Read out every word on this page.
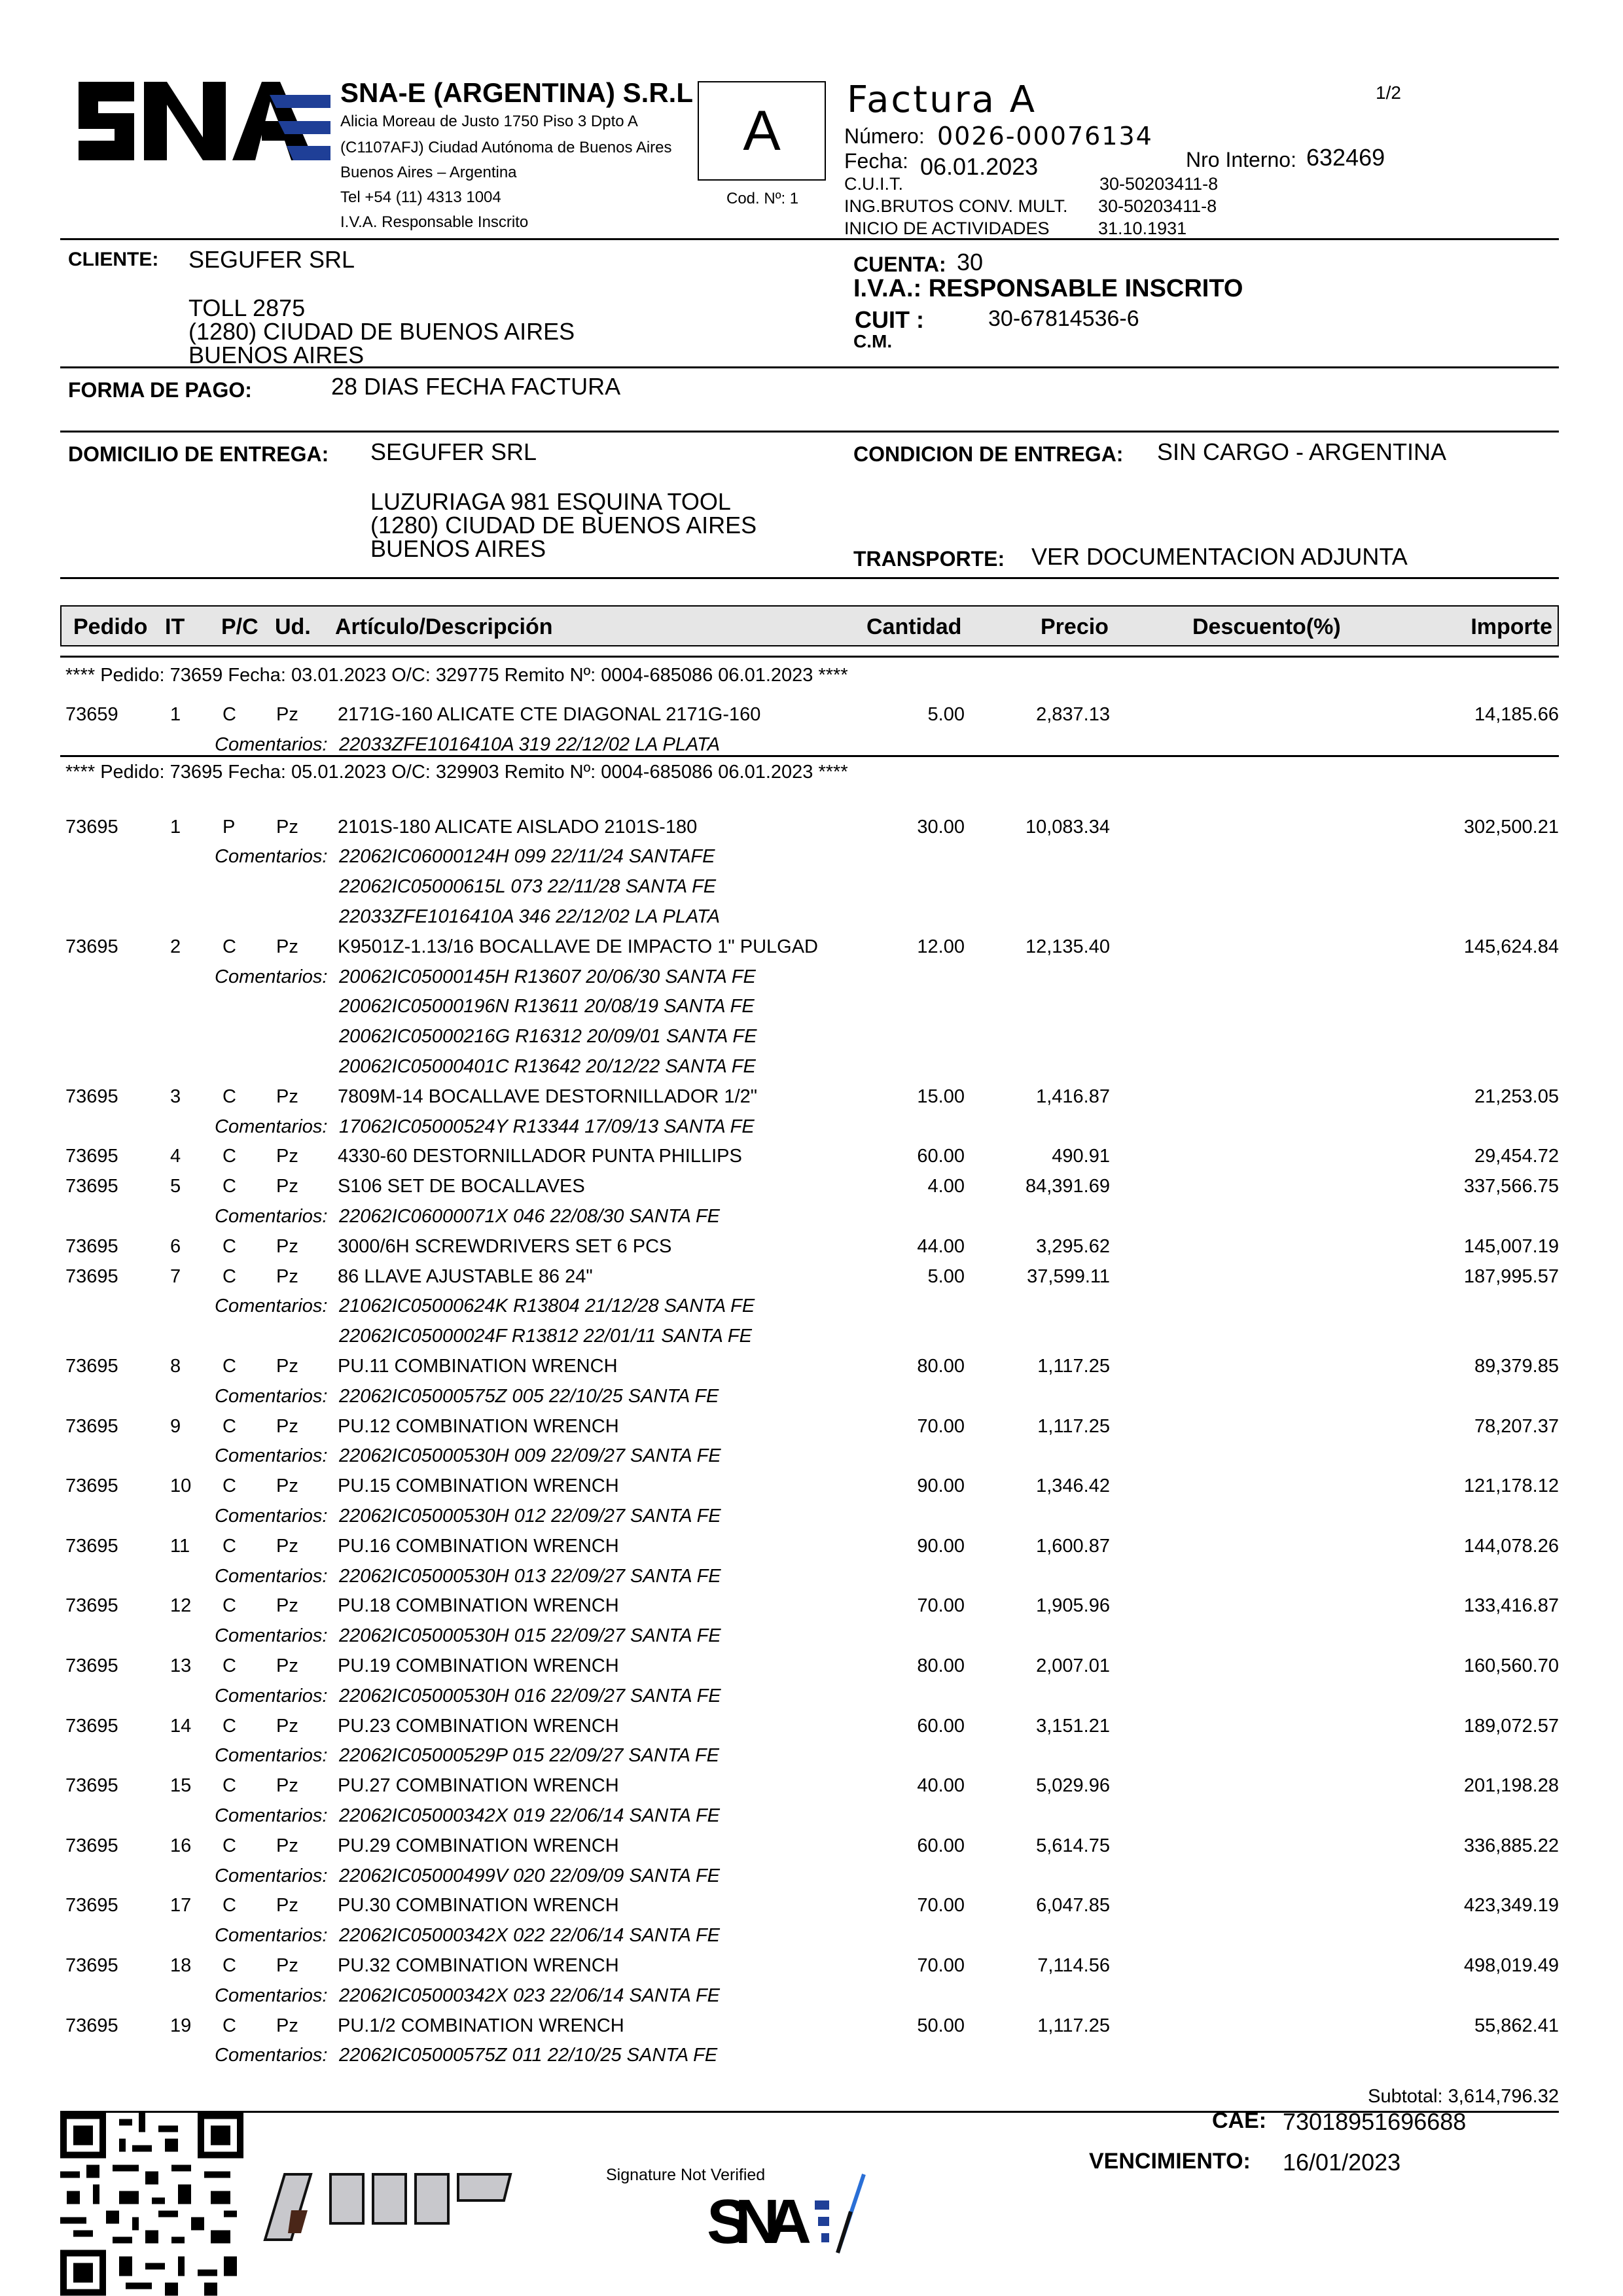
SNA-E (ARGENTINA) S.R.L
Alicia Moreau de Justo 1750 Piso 3 Dpto A
(C1107AFJ) Ciudad Autónoma de Buenos Aires
Buenos Aires – Argentina
Tel +54 (11) 4313 1004
I.V.A. Responsable Inscrito
A
Cod. Nº: 1
Factura A	1/2
Número: 0026-00076134
Fecha: 06.01.2023	Nro Interno: 632469
C.U.I.T.	30-50203411-8
ING.BRUTOS CONV. MULT. 30-50203411-8
INICIO DE ACTIVIDADES	31.10.1931
CLIENTE: SEGUFER SRL
TOLL 2875
(1280) CIUDAD DE BUENOS AIRES
BUENOS AIRES
CUENTA: 30
I.V.A.: RESPONSABLE INSCRITO
CUIT :	30-67814536-6
C.M.
FORMA DE PAGO:	28 DIAS FECHA FACTURA
DOMICILIO DE ENTREGA: SEGUFER SRL
LUZURIAGA 981 ESQUINA TOOL
(1280) CIUDAD DE BUENOS AIRES
BUENOS AIRES
CONDICION DE ENTREGA: SIN CARGO - ARGENTINA
TRANSPORTE: VER DOCUMENTACION ADJUNTA
Pedido IT P/C Ud. Artículo/Descripción	Cantidad	Precio	Descuento(%)	Importe
**** Pedido: 73659 Fecha: 03.01.2023 O/C: 329775 Remito Nº: 0004-685086 06.01.2023 ****
73659	1 C Pz 2171G-160 ALICATE CTE DIAGONAL 2171G-160	5.00	2,837.13	14,185.66
Comentarios: 22033ZFE1016410A 319 22/12/02 LA PLATA
**** Pedido: 73695 Fecha: 05.01.2023 O/C: 329903 Remito Nº: 0004-685086 06.01.2023 ****
73695	1 P Pz 2101S-180 ALICATE AISLADO 2101S-180	30.00	10,083.34	302,500.21
Comentarios: 22062IC06000124H 099 22/11/24 SANTAFE
22062IC05000615L 073 22/11/28 SANTA FE
22033ZFE1016410A 346 22/12/02 LA PLATA
73695	2 C Pz K9501Z-1.13/16 BOCALLAVE DE IMPACTO 1" PULGAD	12.00	12,135.40	145,624.84
Comentarios: 20062IC05000145H R13607 20/06/30 SANTA FE
20062IC05000196N R13611 20/08/19 SANTA FE
20062IC05000216G R16312 20/09/01 SANTA FE
20062IC05000401C R13642 20/12/22 SANTA FE
73695	3 C Pz 7809M-14 BOCALLAVE DESTORNILLADOR 1/2"	15.00	1,416.87	21,253.05
Comentarios: 17062IC05000524Y R13344 17/09/13 SANTA FE
73695	4 C Pz 4330-60 DESTORNILLADOR PUNTA PHILLIPS	60.00	490.91	29,454.72
73695	5 C Pz S106 SET DE BOCALLAVES	4.00	84,391.69	337,566.75
Comentarios: 22062IC06000071X 046 22/08/30 SANTA FE
73695	6 C Pz 3000/6H SCREWDRIVERS SET 6 PCS	44.00	3,295.62	145,007.19
73695	7 C Pz 86 LLAVE AJUSTABLE 86 24"	5.00	37,599.11	187,995.57
Comentarios: 21062IC05000624K R13804 21/12/28 SANTA FE
22062IC05000024F R13812 22/01/11 SANTA FE
73695	8 C Pz PU.11 COMBINATION WRENCH	80.00	1,117.25	89,379.85
Comentarios: 22062IC05000575Z 005 22/10/25 SANTA FE
73695	9 C Pz PU.12 COMBINATION WRENCH	70.00	1,117.25	78,207.37
Comentarios: 22062IC05000530H 009 22/09/27 SANTA FE
73695	10 C Pz PU.15 COMBINATION WRENCH	90.00	1,346.42	121,178.12
Comentarios: 22062IC05000530H 012 22/09/27 SANTA FE
73695	11 C Pz PU.16 COMBINATION WRENCH	90.00	1,600.87	144,078.26
Comentarios: 22062IC05000530H 013 22/09/27 SANTA FE
73695	12 C Pz PU.18 COMBINATION WRENCH	70.00	1,905.96	133,416.87
Comentarios: 22062IC05000530H 015 22/09/27 SANTA FE
73695	13 C Pz PU.19 COMBINATION WRENCH	80.00	2,007.01	160,560.70
Comentarios: 22062IC05000530H 016 22/09/27 SANTA FE
73695	14 C Pz PU.23 COMBINATION WRENCH	60.00	3,151.21	189,072.57
Comentarios: 22062IC05000529P 015 22/09/27 SANTA FE
73695	15 C Pz PU.27 COMBINATION WRENCH	40.00	5,029.96	201,198.28
Comentarios: 22062IC05000342X 019 22/06/14 SANTA FE
73695	16 C Pz PU.29 COMBINATION WRENCH	60.00	5,614.75	336,885.22
Comentarios: 22062IC05000499V 020 22/09/09 SANTA FE
73695	17 C Pz PU.30 COMBINATION WRENCH	70.00	6,047.85	423,349.19
Comentarios: 22062IC05000342X 022 22/06/14 SANTA FE
73695	18 C Pz PU.32 COMBINATION WRENCH	70.00	7,114.56	498,019.49
Comentarios: 22062IC05000342X 023 22/06/14 SANTA FE
73695	19 C Pz PU.1/2 COMBINATION WRENCH	50.00	1,117.25	55,862.41
Comentarios: 22062IC05000575Z 011 22/10/25 SANTA FE
Subtotal: 3,614,796.32
Signature Not Verified
SNA
CAE: 73018951696688
VENCIMIENTO: 16/01/2023
